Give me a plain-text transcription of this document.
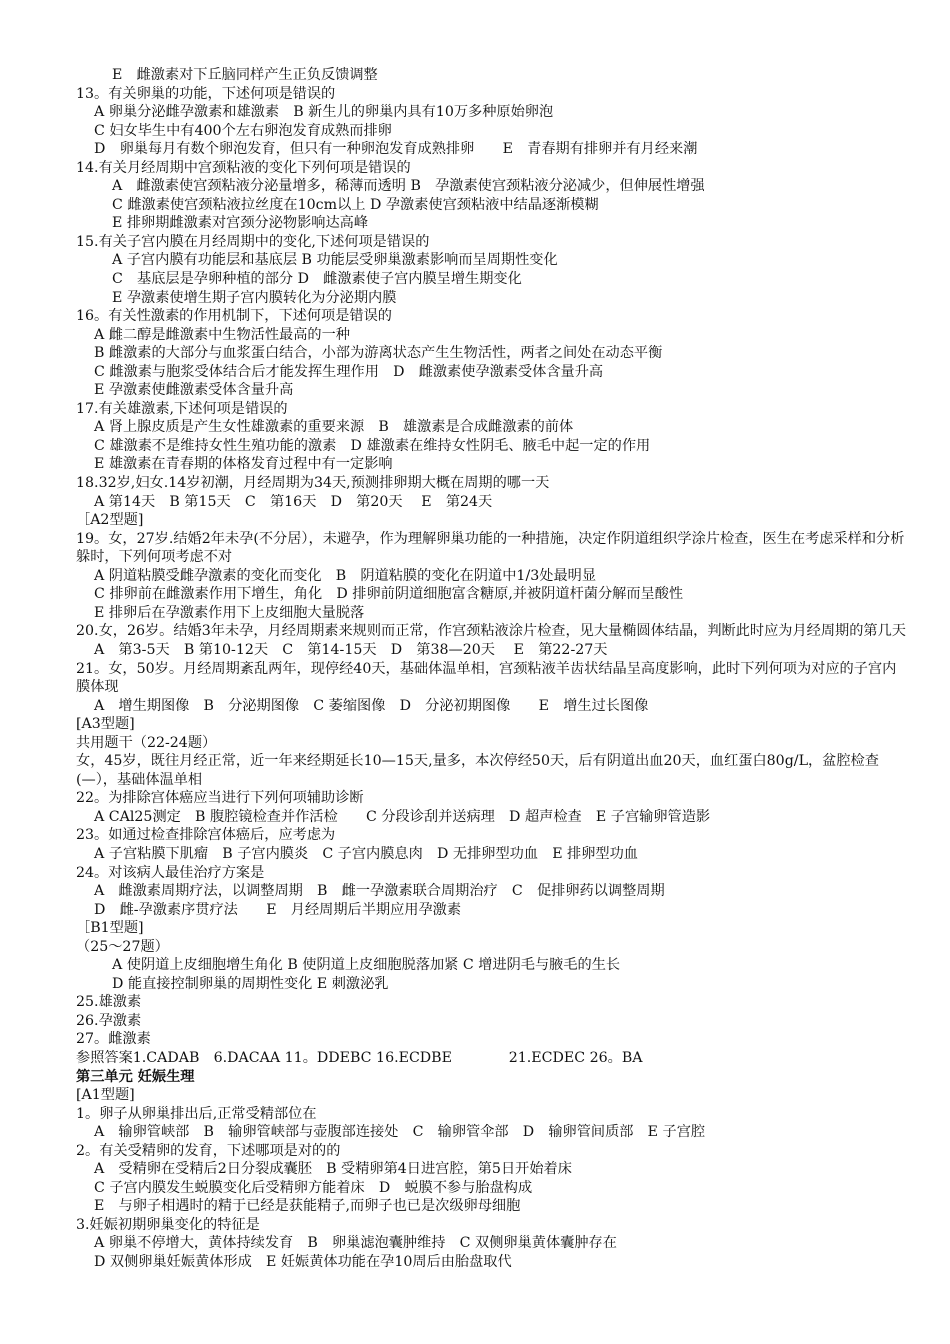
E　雌激素对下丘脑同样产生正负反馈调整
13。有关卵巢的功能，下述何项是错误的
A 卵巢分泌雌孕激素和雄激素　B 新生儿的卵巢内具有10万多种原始卵泡
C 妇女毕生中有400个左右卵泡发育成熟而排卵
D　卵巢每月有数个卵泡发育，但只有一种卵泡发育成熟排卵　　E　青春期有排卵并有月经来潮
14.有关月经周期中宫颈粘液的变化下列何项是错误的
A　雌激素使宫颈粘液分泌量增多，稀薄而透明 B　孕激素使宫颈粘液分泌减少，但伸展性增强
C 雌激素使宫颈粘液拉丝度在10cm以上 D 孕激素使宫颈粘液中结晶逐渐模糊
E 排卵期雌激素对宫颈分泌物影响达高峰
15.有关子宫内膜在月经周期中的变化,下述何项是错误的
A 子宫内膜有功能层和基底层 B 功能层受卵巢激素影响而呈周期性变化
C　基底层是孕卵种植的部分 D　雌激素使子宫内膜呈增生期变化
E 孕激素使增生期子宫内膜转化为分泌期内膜
16。有关性激素的作用机制下，下述何项是错误的
A 雌二醇是雌激素中生物活性最高的一种
B 雌激素的大部分与血浆蛋白结合，小部为游离状态产生生物活性，两者之间处在动态平衡
C 雌激素与胞浆受体结合后才能发挥生理作用　D　雌激素使孕激素受体含量升高
E 孕激素使雌激素受体含量升高
17.有关雄激素,下述何项是错误的
A 肾上腺皮质是产生女性雄激素的重要来源　B　雄激素是合成雌激素的前体
C 雄激素不是维持女性生殖功能的激素　D 雄激素在维持女性阴毛、腋毛中起一定的作用
E 雄激素在青春期的体格发育过程中有一定影响
18.32岁,妇女.14岁初潮，月经周期为34天,预测排卵期大概在周期的哪一天
A 第14天　B 第15天　C　第16天　D　第20天　 E　第24天
［A2型题]
19。女，27岁.结婚2年未孕(不分居），未避孕，作为理解卵巢功能的一种措施，决定作阴道组织学涂片检查，医生在考虑采样和分析躲时，下列何项考虑不对
A 阴道粘膜受雌孕激素的变化而变化　B　阴道粘膜的变化在阴道中1/3处最明显
C 排卵前在雌激素作用下增生，角化　D 排卵前阴道细胞富含糖原,并被阴道杆菌分解而呈酸性
E 排卵后在孕激素作用下上皮细胞大量脱落
20.女，26岁。结婚3年未孕，月经周期素来规则而正常，作宫颈粘液涂片检查，见大量椭圆体结晶，判断此时应为月经周期的第几天
A　第3-5天　B 第10-12天　C　第14-15天　D　第38—20天　 E　第22-27天
21。女，50岁。月经周期紊乱两年，现停经40天，基础体温单相，宫颈粘液羊齿状结晶呈高度影响，此时下列何项为对应的子宫内膜体现
A　增生期图像　B　分泌期图像　C 萎缩图像　D　分泌初期图像　　E　增生过长图像
[A3型题]
共用题干（22-24题）
女，45岁，既往月经正常，近一年来经期延长10—15天,量多，本次停经50天，后有阴道出血20天，血红蛋白80g/L，盆腔检查(—），基础体温单相
22。为排除宫体癌应当进行下列何项辅助诊断
A CAl25测定　B 腹腔镜检查并作活检　　C 分段诊刮并送病理　D 超声检查　E 子宫输卵管造影
23。如通过检查排除宫体癌后，应考虑为
A 子宫粘膜下肌瘤　B 子宫内膜炎　C 子宫内膜息肉　D 无排卵型功血　E 排卵型功血
24。对该病人最佳治疗方案是
A　雌激素周期疗法，以调整周期　B　雌一孕激素联合周期治疗　C　促排卵药以调整周期
D　雌-孕激素序贯疗法　　E　月经周期后半期应用孕激素
［B1型题]
（25～27题）
A 使阴道上皮细胞增生角化 B 使阴道上皮细胞脱落加紧 C 增进阴毛与腋毛的生长
D 能直接控制卵巢的周期性变化 E 刺激泌乳
25.雄激素
26.孕激素
27。雌激素
参照答案1.CADAB　6.DACAA 11。DDEBC 16.ECDBE　　　　21.ECDEC 26。BA
第三单元 妊娠生理
[A1型题]
1。卵子从卵巢排出后,正常受精部位在
A　输卵管峡部　B　输卵管峡部与壶腹部连接处　C　输卵管伞部　D　输卵管间质部　E 子宫腔
2。有关受精卵的发育，下述哪项是对的的
A　受精卵在受精后2日分裂成囊胚　B 受精卵第4日进宫腔，第5日开始着床
C 子宫内膜发生蜕膜变化后受精卵方能着床　D　蜕膜不参与胎盘构成
E　与卵子相遇时的精于已经是获能精子,而卵子也已是次级卵母细胞
3.妊娠初期卵巢变化的特征是
A 卵巢不停增大，黄体持续发育　B　卵巢滤泡囊肿维持　C 双侧卵巢黄体囊肿存在
D 双侧卵巢妊娠黄体形成　E 妊娠黄体功能在孕10周后由胎盘取代
